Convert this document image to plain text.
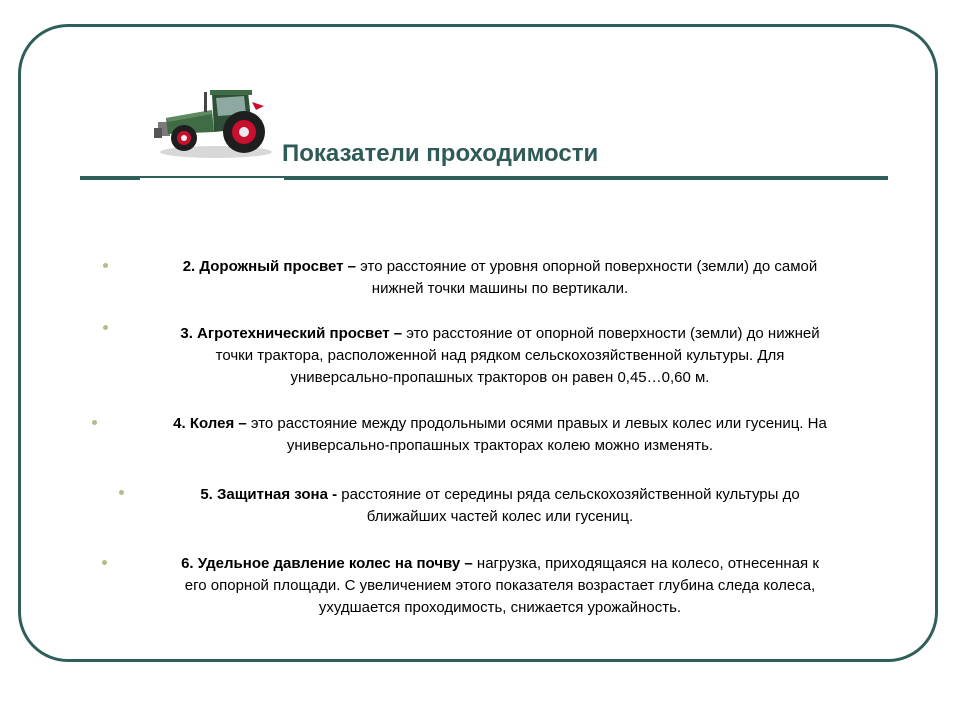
Показатели проходимости
2. Дорожный просвет – это расстояние от уровня опорной поверхности (земли) до самой
нижней точки машины по вертикали.
3. Агротехнический просвет – это расстояние от опорной поверхности (земли) до нижней
точки трактора, расположенной над рядком сельскохозяйственной культуры. Для
универсально-пропашных тракторов он равен 0,45…0,60 м.
4. Колея – это расстояние между продольными осями правых и левых колес или гусениц. На
универсально-пропашных тракторах колею можно изменять.
5. Защитная зона - расстояние от середины ряда сельскохозяйственной культуры до
ближайших частей колес или гусениц.
6. Удельное давление колес на почву – нагрузка, приходящаяся на колесо, отнесенная к
его опорной площади. С увеличением этого показателя возрастает глубина следа колеса,
ухудшается проходимость, снижается урожайность.
